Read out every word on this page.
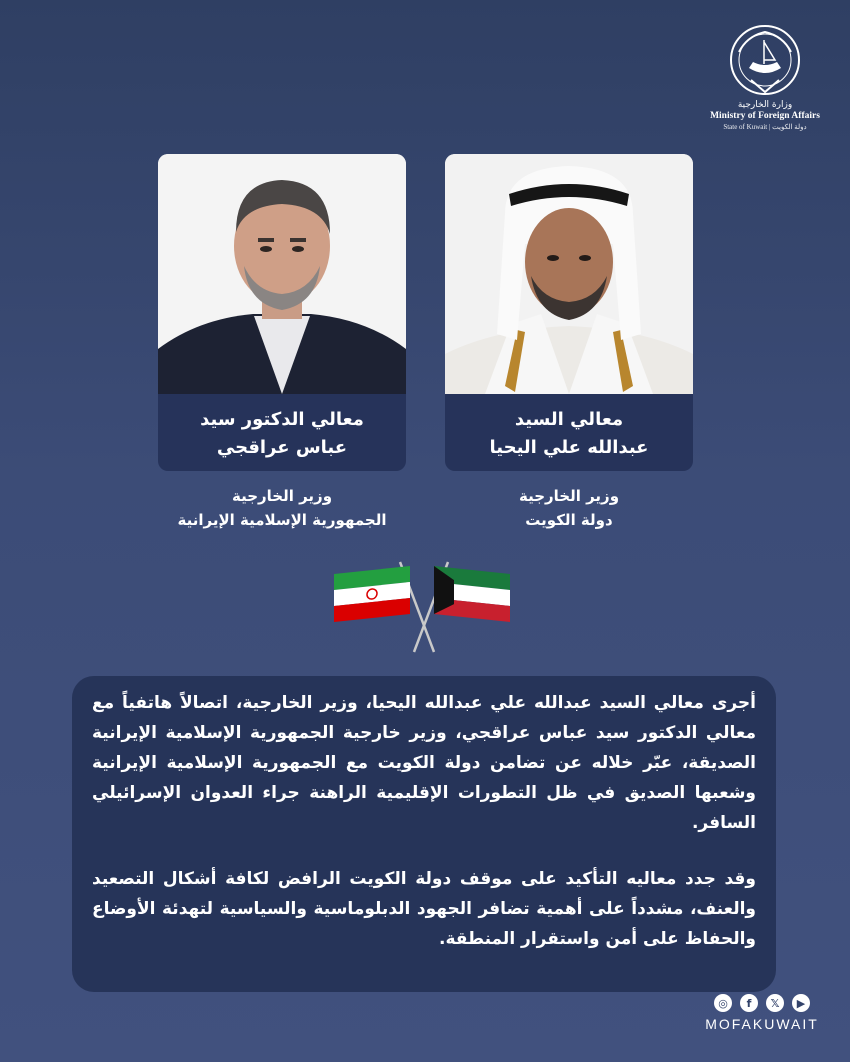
وزارة الخارجية
Ministry of Foreign Affairs
State of Kuwait | دولة الكويت
معالي الدكتور سيد
عباس عراقجي
معالي السيد
عبدالله علي اليحيا
وزير الخارجية
الجمهورية الإسلامية الإيرانية
وزير الخارجية
دولة الكويت
أجرى معالي السيد عبدالله علي عبدالله اليحيا، وزير الخارجية، اتصالاً هاتفياً مع معالي الدكتور سيد عباس عراقجي، وزير خارجية الجمهورية الإسلامية الإيرانية الصديقة، عبّر خلاله عن تضامن دولة الكويت مع الجمهورية الإسلامية الإيرانية وشعبها الصديق في ظل التطورات الإقليمية الراهنة جراء العدوان الإسرائيلي السافر.
وقد جدد معاليه التأكيد على موقف دولة الكويت الرافض لكافة أشكال التصعيد والعنف، مشدداً على أهمية تضافر الجهود الدبلوماسية والسياسية لتهدئة الأوضاع والحفاظ على أمن واستقرار المنطقة.
◎	f	𝕏	▶
MOFAKUWAIT
